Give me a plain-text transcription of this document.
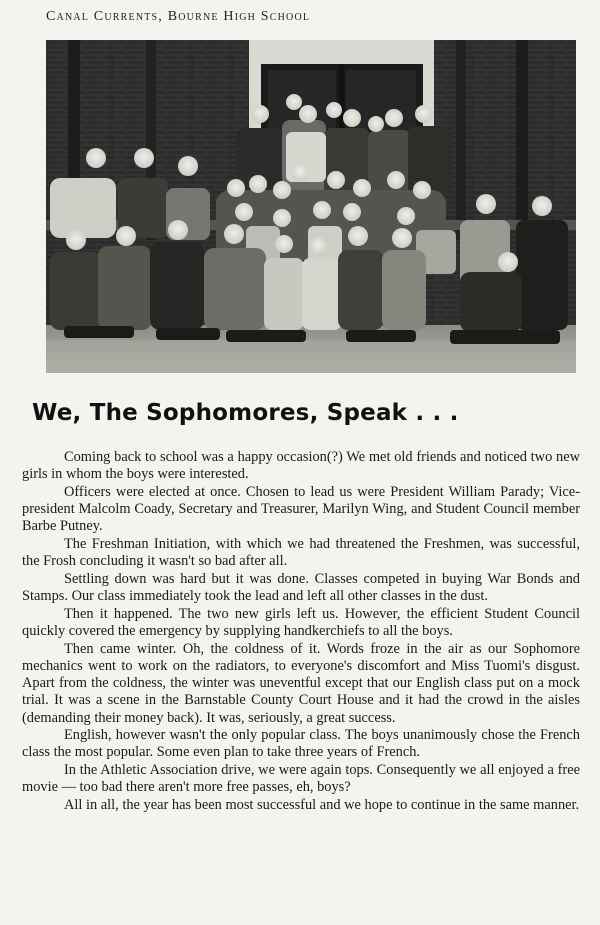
Canal Currents, Bourne High School
We, The Sophomores, Speak . . .

Coming back to school was a happy occasion(?) We met old friends and noticed two new girls in whom the boys were interested.

Officers were elected at once. Chosen to lead us were President William Parady; Vice-president Malcolm Coady, Secretary and Treasurer, Marilyn Wing, and Student Council member Barbe Putney.

The Freshman Initiation, with which we had threatened the Freshmen, was successful, the Frosh concluding it wasn't so bad after all.

Settling down was hard but it was done. Classes competed in buying War Bonds and Stamps. Our class immediately took the lead and left all other classes in the dust.

Then it happened. The two new girls left us. However, the efficient Student Council quickly covered the emergency by supplying handkerchiefs to all the boys.

Then came winter. Oh, the coldness of it. Words froze in the air as our Sophomore mechanics went to work on the radiators, to everyone's discomfort and Miss Tuomi's disgust. Apart from the coldness, the winter was uneventful except that our English class put on a mock trial. It was a scene in the Barnstable County Court House and it had the crowd in the aisles (demanding their money back). It was, seriously, a great success.

English, however wasn't the only popular class. The boys unanimously chose the French class the most popular. Some even plan to take three years of French.

In the Athletic Association drive, we were again tops. Consequently we all enjoyed a free movie — too bad there aren't more free passes, eh, boys?

All in all, the year has been most successful and we hope to continue in the same manner.
